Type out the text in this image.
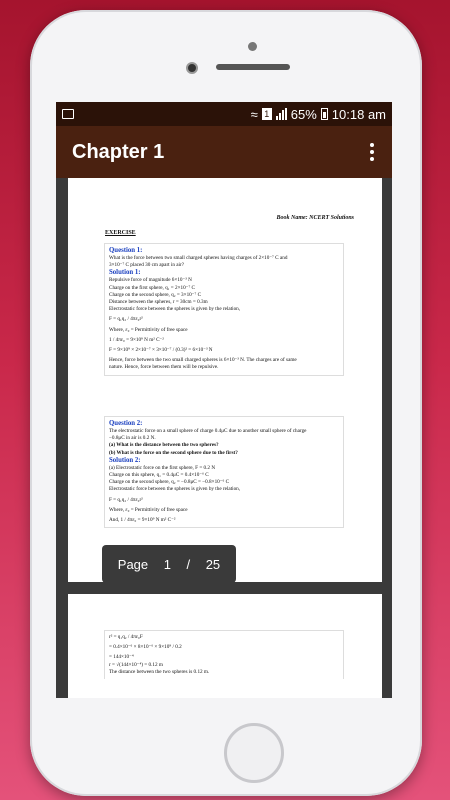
≈ 1 65% 10:18 am
Chapter 1
Book Name: NCERT Solutions
EXERCISE
Question 1:

What is the force between two small charged spheres having charges of 2×10⁻⁷ C and

3×10⁻⁷ C placed 30 cm apart in air?

Solution 1:

Repulsive force of magnitude 6×10⁻³ N

Charge on the first sphere, q₁ = 2×10⁻⁷ C

Charge on the second sphere, q₂ = 3×10⁻⁷ C

Distance between the spheres, r = 30cm = 0.3m

Electrostatic force between the spheres is given by the relation,

F = q₁q₂ / 4πε₀r²

Where, ε₀ = Permittivity of free space

1 / 4πε₀ = 9×10⁹ N m² C⁻²

F = 9×10⁹ × 2×10⁻⁷ × 3×10⁻⁷ / (0.3)² = 6×10⁻³ N

Hence, force between the two small charged spheres is 6×10⁻³ N. The charges are of same

nature. Hence, force between them will be repulsive.

Question 2:

The electrostatic force on a small sphere of charge 0.4μC due to another small sphere of charge

−0.8μC in air is 0.2 N.

(a) What is the distance between the two spheres?

(b) What is the force on the second sphere due to the first?

Solution 2:

(a) Electrostatic force on the first sphere, F = 0.2 N

Charge on this sphere, q₁ = 0.4μC = 0.4×10⁻⁶ C

Charge on the second sphere, q₂ = −0.8μC = −0.8×10⁻⁶ C

Electrostatic force between the spheres is given by the relation,

F = q₁q₂ / 4πε₀r²

Where, ε₀ = Permittivity of free space

And, 1 / 4πε₀ = 9×10⁹ N m² C⁻²

r² = q₁q₂ / 4πε₀F

= 0.4×10⁻⁶ × 8×10⁻⁶ × 9×10⁹ / 0.2

= 144×10⁻⁴

r = √(144×10⁻⁴) = 0.12 m

The distance between the two spheres is 0.12 m.

Page 1 / 25
